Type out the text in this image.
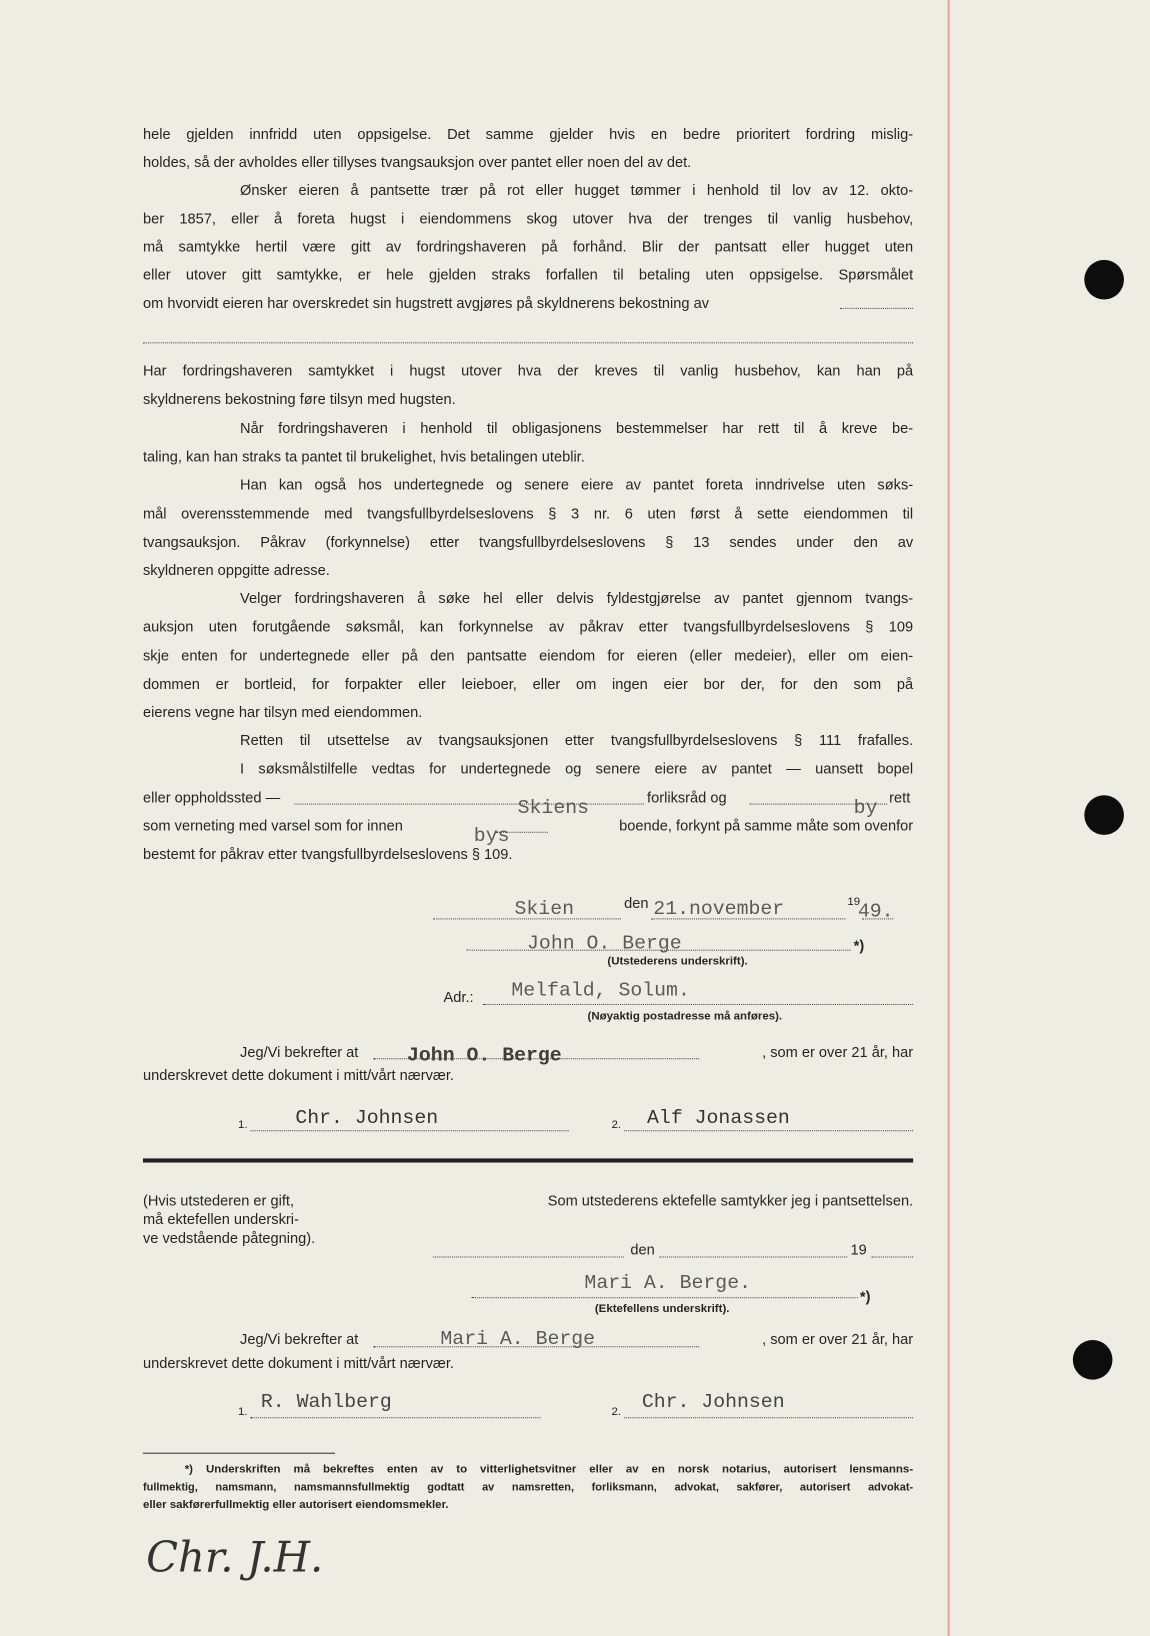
hele gjelden innfridd uten oppsigelse. Det samme gjelder hvis en bedre prioritert fordring mislig-
holdes, så der avholdes eller tillyses tvangsauksjon over pantet eller noen del av det.
Ønsker eieren å pantsette trær på rot eller hugget tømmer i henhold til lov av 12. okto-
ber 1857, eller å foreta hugst i eiendommens skog utover hva der trenges til vanlig husbehov,
må samtykke hertil være gitt av fordringshaveren på forhånd. Blir der pantsatt eller hugget uten
eller utover gitt samtykke, er hele gjelden straks forfallen til betaling uten oppsigelse. Spørsmålet
om hvorvidt eieren har overskredet sin hugstrett avgjøres på skyldnerens bekostning av
Har fordringshaveren samtykket i hugst utover hva der kreves til vanlig husbehov, kan han på
skyldnerens bekostning føre tilsyn med hugsten.
Når fordringshaveren i henhold til obligasjonens bestemmelser har rett til å kreve be-
taling, kan han straks ta pantet til brukelighet, hvis betalingen uteblir.
Han kan også hos undertegnede og senere eiere av pantet foreta inndrivelse uten søks-
mål overensstemmende med tvangsfullbyrdelseslovens § 3 nr. 6 uten først å sette eiendommen til
tvangsauksjon. Påkrav (forkynnelse) etter tvangsfullbyrdelseslovens § 13 sendes under den av
skyldneren oppgitte adresse.
Velger fordringshaveren å søke hel eller delvis fyldestgjørelse av pantet gjennom tvangs-
auksjon uten forutgående søksmål, kan forkynnelse av påkrav etter tvangsfullbyrdelseslovens § 109
skje enten for undertegnede eller på den pantsatte eiendom for eieren (eller medeier), eller om eien-
dommen er bortleid, for forpakter eller leieboer, eller om ingen eier bor der, for den som på
eierens vegne har tilsyn med eiendommen.
Retten til utsettelse av tvangsauksjonen etter tvangsfullbyrdelseslovens § 111 frafalles.
I søksmålstilfelle vedtas for undertegnede og senere eiere av pantet — uansett bopel
eller oppholdssted —	Skiens	forliksråd og	by rett
som verneting med varsel som for innen	bys	boende, forkynt på samme måte som ovenfor
bestemt for påkrav etter tvangsfullbyrdelseslovens § 109.
Skien	den 21.november	19
49.
John O. Berge	*)
(Utstederens underskrift).
Adr.: Melfald, Solum.
(Nøyaktig postadresse må anføres).
Jeg/Vi bekrefter at	John O. Berge	, som er over 21 år, har
underskrevet dette dokument i mitt/vårt nærvær.
1.	Chr. Johnsen	2. Alf Jonassen
(Hvis utstederen er gift,
må ektefellen underskri-
ve vedstående påtegning).
Som utstederens ektefelle samtykker jeg i pantsettelsen.
den	19
Mari A. Berge.
*)
(Ektefellens underskrift).
Jeg/Vi bekrefter at	Mari A. Berge	, som er over 21 år, har
underskrevet dette dokument i mitt/vårt nærvær.
1. R. Wahlberg	2. Chr. Johnsen
*) Underskriften må bekreftes enten av to vitterlighetsvitner eller av en norsk notarius, autorisert lensmanns-
fullmektig, namsmann, namsmannsfullmektig godtatt av namsretten, forliksmann, advokat, sakfører, autorisert advokat-
eller sakførerfullmektig eller autorisert eiendomsmekler.
Chr. J.H.
